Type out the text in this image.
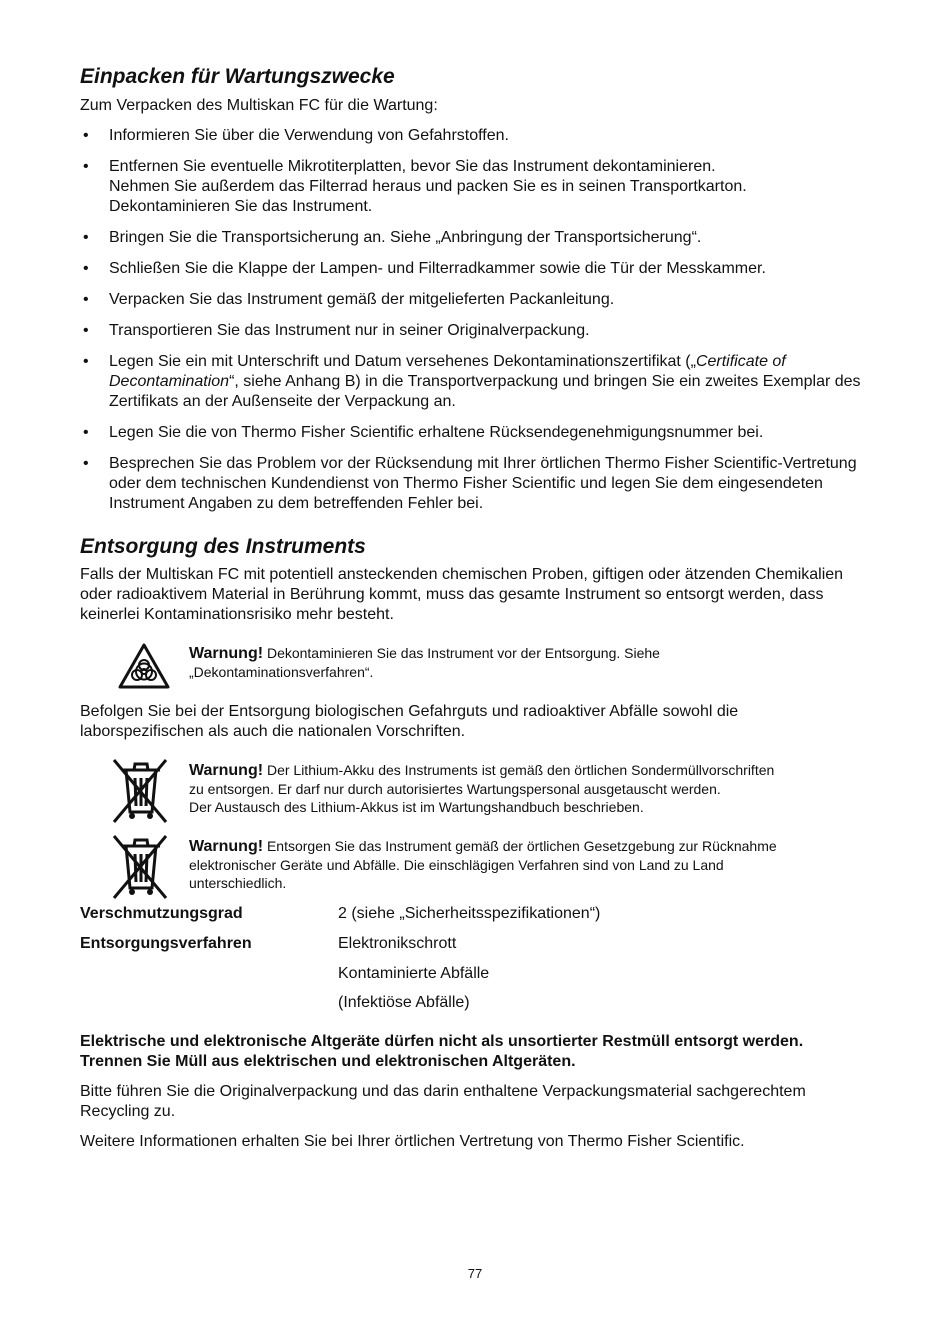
Einpacken für Wartungszwecke

Zum Verpacken des Multiskan FC für die Wartung:

• Informieren Sie über die Verwendung von Gefahrstoffen.
• Entfernen Sie eventuelle Mikrotiterplatten, bevor Sie das Instrument dekontaminieren.
Nehmen Sie außerdem das Filterrad heraus und packen Sie es in seinen Transportkarton.
Dekontaminieren Sie das Instrument.
• Bringen Sie die Transportsicherung an. Siehe „Anbringung der Transportsicherung“.
• Schließen Sie die Klappe der Lampen- und Filterradkammer sowie die Tür der Messkammer.
• Verpacken Sie das Instrument gemäß der mitgelieferten Packanleitung.
• Transportieren Sie das Instrument nur in seiner Originalverpackung.
• Legen Sie ein mit Unterschrift und Datum versehenes Dekontaminationszertifikat („Certificate of Decontamination“, siehe Anhang B) in die Transportverpackung und bringen Sie ein zweites Exemplar des Zertifikats an der Außenseite der Verpackung an.
• Legen Sie die von Thermo Fisher Scientific erhaltene Rücksendegenehmigungsnummer bei.
• Besprechen Sie das Problem vor der Rücksendung mit Ihrer örtlichen Thermo Fisher Scientific-Vertretung oder dem technischen Kundendienst von Thermo Fisher Scientific und legen Sie dem eingesendeten Instrument Angaben zu dem betreffenden Fehler bei.
Entsorgung des Instruments

Falls der Multiskan FC mit potentiell ansteckenden chemischen Proben, giftigen oder ätzenden Chemikalien oder radioaktivem Material in Berührung kommt, muss das gesamte Instrument so entsorgt werden, dass keinerlei Kontaminationsrisiko mehr besteht.

Warnung! Dekontaminieren Sie das Instrument vor der Entsorgung. Siehe
„Dekontaminationsverfahren“.

Befolgen Sie bei der Entsorgung biologischen Gefahrguts und radioaktiver Abfälle sowohl die laborspezifischen als auch die nationalen Vorschriften.

Warnung! Der Lithium-Akku des Instruments ist gemäß den örtlichen Sondermüllvorschriften
zu entsorgen. Er darf nur durch autorisiertes Wartungspersonal ausgetauscht werden.
Der Austausch des Lithium-Akkus ist im Wartungshandbuch beschrieben.
Warnung! Entsorgen Sie das Instrument gemäß der örtlichen Gesetzgebung zur Rücknahme
elektronischer Geräte und Abfälle. Die einschlägigen Verfahren sind von Land zu Land
unterschiedlich.
Verschmutzungsgrad	2 (siehe „Sicherheitsspezifikationen“)
Entsorgungsverfahren	Elektronikschrott
Kontaminierte Abfälle
(Infektiöse Abfälle)

Elektrische und elektronische Altgeräte dürfen nicht als unsortierter Restmüll entsorgt werden. Trennen Sie Müll aus elektrischen und elektronischen Altgeräten.

Bitte führen Sie die Originalverpackung und das darin enthaltene Verpackungsmaterial sachgerechtem Recycling zu.

Weitere Informationen erhalten Sie bei Ihrer örtlichen Vertretung von Thermo Fisher Scientific.

77
